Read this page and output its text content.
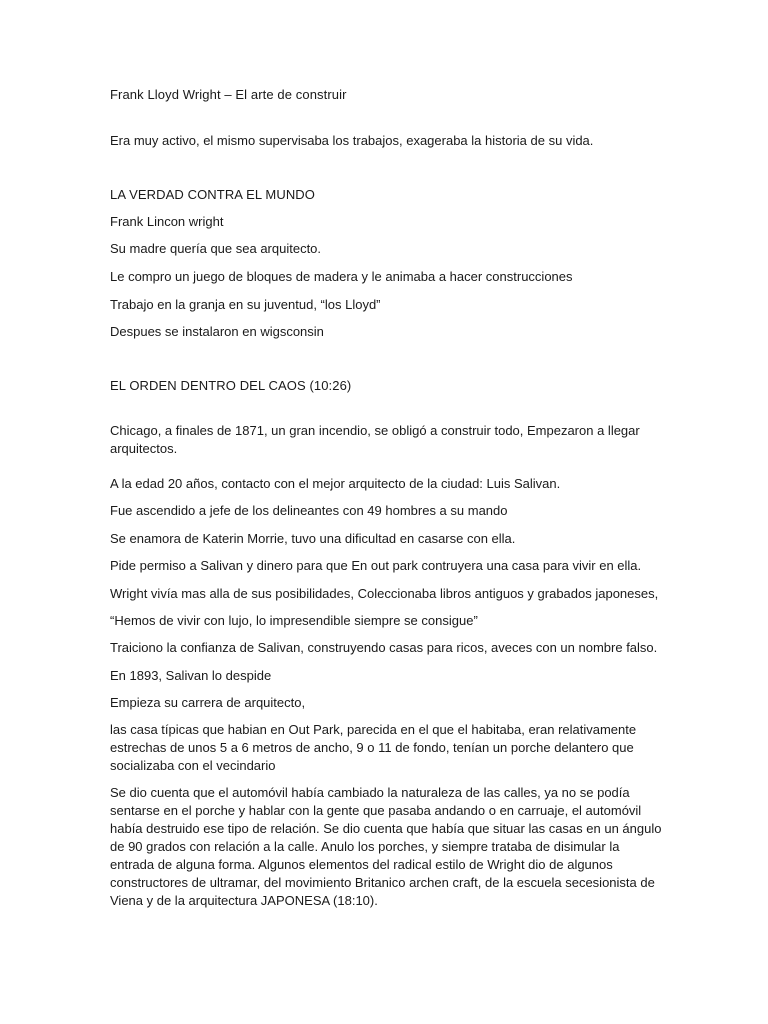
Frank Lloyd Wright – El arte de construir

Era muy activo, el mismo supervisaba los trabajos, exageraba la historia de su vida.

LA VERDAD CONTRA EL MUNDO

Frank Lincon wright

Su madre quería que sea arquitecto.

Le compro un juego de bloques de madera y le animaba a hacer construcciones

Trabajo en la granja en su juventud, “los Lloyd”

Despues se instalaron en wigsconsin

EL ORDEN DENTRO DEL CAOS (10:26)

Chicago, a finales de 1871, un gran incendio, se obligó a construir todo, Empezaron a llegar arquitectos.

A la edad 20 años, contacto con el mejor arquitecto de la ciudad: Luis Salivan.

Fue ascendido a jefe de los delineantes con 49 hombres a su mando

Se enamora de Katerin Morrie, tuvo una dificultad en casarse con ella.

Pide permiso a Salivan y dinero para que En out park contruyera una casa para vivir en ella.

Wright vivía mas alla de sus posibilidades, Coleccionaba libros antiguos y grabados japoneses,

“Hemos de vivir con lujo, lo impresendible siempre se consigue”

Traiciono la confianza de Salivan, construyendo casas para ricos, aveces con un nombre falso.

En 1893, Salivan lo despide

Empieza su carrera de arquitecto,

las casa típicas que habian en Out Park, parecida en el que el habitaba, eran relativamente estrechas de unos 5 a 6 metros de ancho, 9 o 11 de fondo, tenían un porche delantero que socializaba con el vecindario

Se dio cuenta que el automóvil había cambiado la naturaleza de las calles, ya no se podía sentarse en el porche y hablar con la gente que pasaba andando o en carruaje, el automóvil había destruido ese tipo de relación. Se dio cuenta que había que situar las casas en un ángulo de 90 grados con relación a la calle. Anulo los porches, y siempre trataba de disimular la entrada de alguna forma. Algunos elementos del radical estilo de Wright dio de algunos constructores de ultramar, del movimiento Britanico archen craft, de la escuela secesionista de Viena y de la arquitectura JAPONESA (18:10).
